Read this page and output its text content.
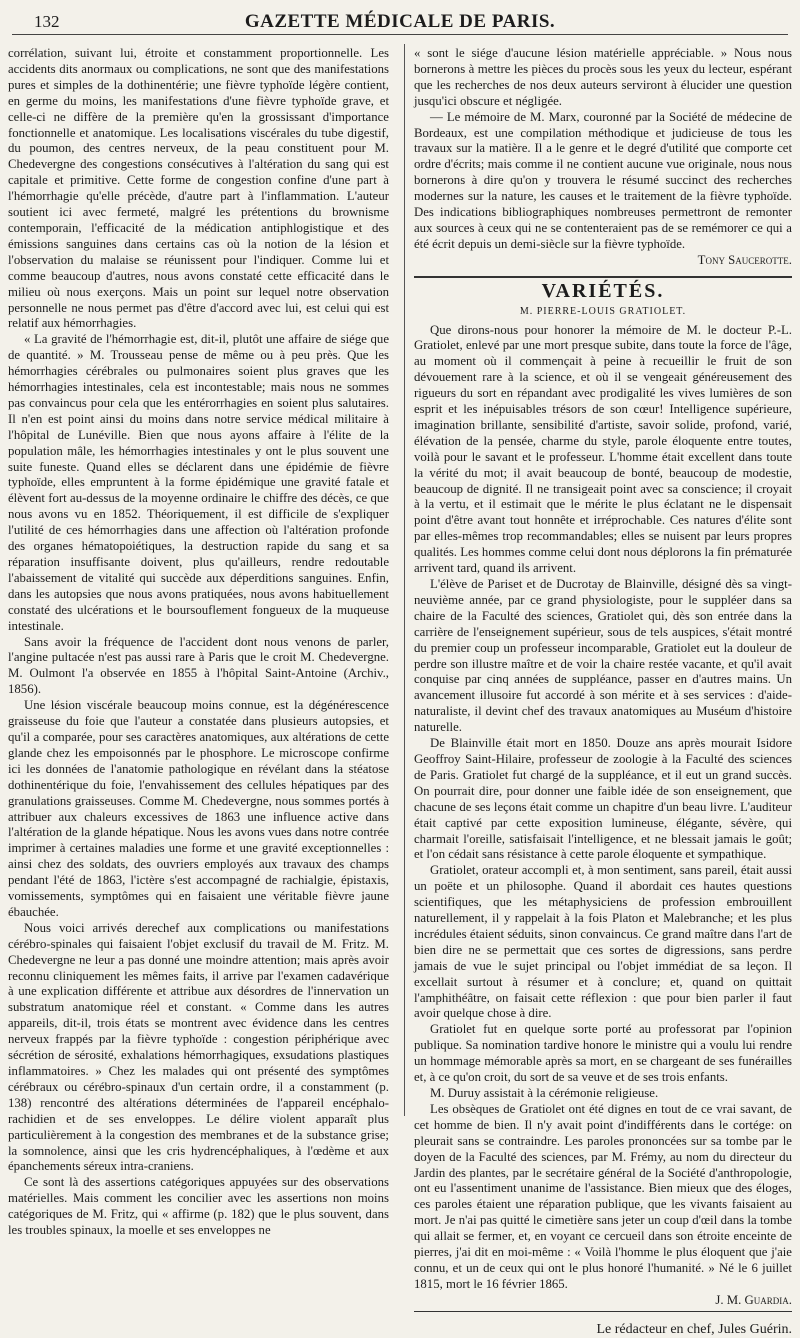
132	GAZETTE MÉDICALE DE PARIS.

corrélation, suivant lui, étroite et constamment proportionnelle. Les accidents dits anormaux ou complications, ne sont que des manifestations pures et simples de la dothinentérie; une fièvre typhoïde légère contient, en germe du moins, les manifestations d'une fièvre typhoïde grave, et celle-ci ne diffère de la première qu'en la grossissant d'importance fonctionnelle et anatomique. Les localisations viscérales du tube digestif, du poumon, des centres nerveux, de la peau constituent pour M. Chedevergne des congestions consécutives à l'altération du sang qui est capitale et primitive. Cette forme de congestion confine d'une part à l'hémorrhagie qu'elle précède, d'autre part à l'inflammation. L'auteur soutient ici avec fermeté, malgré les prétentions du brownisme contemporain, l'efficacité de la médication antiphlogistique et des émissions sanguines dans certains cas où la notion de la lésion et l'observation du malaise se réunissent pour l'indiquer. Comme lui et comme beaucoup d'autres, nous avons constaté cette efficacité dans le milieu où nous exerçons. Mais un point sur lequel notre observation personnelle ne nous permet pas d'être d'accord avec lui, est celui qui est relatif aux hémorrhagies.

« La gravité de l'hémorrhagie est, dit-il, plutôt une affaire de siége que de quantité. » M. Trousseau pense de même ou à peu près. Que les hémorrhagies cérébrales ou pulmonaires soient plus graves que les hémorrhagies intestinales, cela est incontestable; mais nous ne sommes pas convaincus pour cela que les entérorrhagies en soient plus salutaires. Il n'en est point ainsi du moins dans notre service médical militaire à l'hôpital de Lunéville. Bien que nous ayons affaire à l'élite de la population mâle, les hémorrhagies intestinales y ont le plus souvent une suite funeste. Quand elles se déclarent dans une épidémie de fièvre typhoïde, elles empruntent à la forme épidémique une gravité fatale et élèvent fort au-dessus de la moyenne ordinaire le chiffre des décès, ce que nous avons vu en 1852. Théoriquement, il est difficile de s'expliquer l'utilité de ces hémorrhagies dans une affection où l'altération profonde des organes hématopoiétiques, la destruction rapide du sang et sa réparation insuffisante doivent, plus qu'ailleurs, rendre redoutable l'abaissement de vitalité qui succède aux déperditions sanguines. Enfin, dans les autopsies que nous avons pratiquées, nous avons habituellement constaté des ulcérations et le boursouflement fongueux de la muqueuse intestinale.

Sans avoir la fréquence de l'accident dont nous venons de parler, l'angine pultacée n'est pas aussi rare à Paris que le croit M. Chedevergne. M. Oulmont l'a observée en 1855 à l'hôpital Saint-Antoine (Archiv., 1856).

Une lésion viscérale beaucoup moins connue, est la dégénérescence graisseuse du foie que l'auteur a constatée dans plusieurs autopsies, et qu'il a comparée, pour ses caractères anatomiques, aux altérations de cette glande chez les empoisonnés par le phosphore. Le microscope confirme ici les données de l'anatomie pathologique en révélant dans la stéatose dothinentérique du foie, l'envahissement des cellules hépatiques par des granulations graisseuses. Comme M. Chedevergne, nous sommes portés à attribuer aux chaleurs excessives de 1863 une influence active dans l'altération de la glande hépatique. Nous les avons vues dans notre contrée imprimer à certaines maladies une forme et une gravité exceptionnelles : ainsi chez des soldats, des ouvriers employés aux travaux des champs pendant l'été de 1863, l'ictère s'est accompagné de rachialgie, épistaxis, vomissements, symptômes qui en faisaient une véritable fièvre jaune ébauchée.

Nous voici arrivés derechef aux complications ou manifestations cérébro-spinales qui faisaient l'objet exclusif du travail de M. Fritz. M. Chedevergne ne leur a pas donné une moindre attention; mais après avoir reconnu cliniquement les mêmes faits, il arrive par l'examen cadavérique à une explication différente et attribue aux désordres de l'innervation un substratum anatomique réel et constant. « Comme dans les autres appareils, dit-il, trois états se montrent avec évidence dans les centres nerveux frappés par la fièvre typhoïde : congestion périphérique avec sécrétion de sérosité, exhalations hémorrhagiques, exsudations plastiques inflammatoires. » Chez les malades qui ont présenté des symptômes cérébraux ou cérébro-spinaux d'un certain ordre, il a constamment (p. 138) rencontré des altérations déterminées de l'appareil encéphalo-rachidien et de ses enveloppes. Le délire violent apparaît plus particulièrement à la congestion des membranes et de la substance grise; la somnolence, ainsi que les cris hydrencéphaliques, à l'œdème et aux épanchements séreux intra-craniens.

Ce sont là des assertions catégoriques appuyées sur des observations matérielles. Mais comment les concilier avec les assertions non moins catégoriques de M. Fritz, qui « affirme (p. 182) que le plus souvent, dans les troubles spinaux, la moelle et ses enveloppes ne

« sont le siége d'aucune lésion matérielle appréciable. » Nous nous bornerons à mettre les pièces du procès sous les yeux du lecteur, espérant que les recherches de nos deux auteurs serviront à élucider une question jusqu'ici obscure et négligée.

— Le mémoire de M. Marx, couronné par la Société de médecine de Bordeaux, est une compilation méthodique et judicieuse de tous les travaux sur la matière. Il a le genre et le degré d'utilité que comporte cet ordre d'écrits; mais comme il ne contient aucune vue originale, nous nous bornerons à dire qu'on y trouvera le résumé succinct des recherches modernes sur la nature, les causes et le traitement de la fièvre typhoïde. Des indications bibliographiques nombreuses permettront de remonter aux sources à ceux qui ne se contenteraient pas de se remémorer ce qui a été écrit depuis un demi-siècle sur la fièvre typhoïde.

Tony Saucerotte.
VARIÉTÉS.
M. PIERRE-LOUIS GRATIOLET.

Que dirons-nous pour honorer la mémoire de M. le docteur P.-L. Gratiolet, enlevé par une mort presque subite, dans toute la force de l'âge, au moment où il commençait à peine à recueillir le fruit de son dévouement rare à la science, et où il se vengeait généreusement des rigueurs du sort en répandant avec prodigalité les vives lumières de son esprit et les inépuisables trésors de son cœur! Intelligence supérieure, imagination brillante, sensibilité d'artiste, savoir solide, profond, varié, élévation de la pensée, charme du style, parole éloquente entre toutes, voilà pour le savant et le professeur. L'homme était excellent dans toute la vérité du mot; il avait beaucoup de bonté, beaucoup de modestie, beaucoup de dignité. Il ne transigeait point avec sa conscience; il croyait à la vertu, et il estimait que le mérite le plus éclatant ne le dispensait point d'être avant tout honnête et irréprochable. Ces natures d'élite sont par elles-mêmes trop recommandables; elles se nuisent par leurs propres qualités. Les hommes comme celui dont nous déplorons la fin prématurée arrivent tard, quand ils arrivent.

L'élève de Pariset et de Ducrotay de Blainville, désigné dès sa vingt-neuvième année, par ce grand physiologiste, pour le suppléer dans sa chaire de la Faculté des sciences, Gratiolet qui, dès son entrée dans la carrière de l'enseignement supérieur, sous de tels auspices, s'était montré du premier coup un professeur incomparable, Gratiolet eut la douleur de perdre son illustre maître et de voir la chaire restée vacante, et qu'il avait conquise par cinq années de suppléance, passer en d'autres mains. Un avancement illusoire fut accordé à son mérite et à ses services : d'aide-naturaliste, il devint chef des travaux anatomiques au Muséum d'histoire naturelle.

De Blainville était mort en 1850. Douze ans après mourait Isidore Geoffroy Saint-Hilaire, professeur de zoologie à la Faculté des sciences de Paris. Gratiolet fut chargé de la suppléance, et il eut un grand succès. On pourrait dire, pour donner une faible idée de son enseignement, que chacune de ses leçons était comme un chapitre d'un beau livre. L'auditeur était captivé par cette exposition lumineuse, élégante, sévère, qui charmait l'oreille, satisfaisait l'intelligence, et ne blessait jamais le goût; et l'on cédait sans résistance à cette parole éloquente et sympathique.

Gratiolet, orateur accompli et, à mon sentiment, sans pareil, était aussi un poëte et un philosophe. Quand il abordait ces hautes questions scientifiques, que les métaphysiciens de profession embrouillent naturellement, il y rappelait à la fois Platon et Malebranche; et les plus incrédules étaient séduits, sinon convaincus. Ce grand maître dans l'art de bien dire ne se permettait que ces sortes de digressions, sans perdre jamais de vue le sujet principal ou l'objet immédiat de sa leçon. Il excellait surtout à résumer et à conclure; et, quand on quittait l'amphithéâtre, on faisait cette réflexion : que pour bien parler il faut avoir quelque chose à dire.

Gratiolet fut en quelque sorte porté au professorat par l'opinion publique. Sa nomination tardive honore le ministre qui a voulu lui rendre un hommage mémorable après sa mort, en se chargeant de ses funérailles et, à ce qu'on croit, du sort de sa veuve et de ses trois enfants.

M. Duruy assistait à la cérémonie religieuse.

Les obsèques de Gratiolet ont été dignes en tout de ce vrai savant, de cet homme de bien. Il n'y avait point d'indifférents dans le cortége: on pleurait sans se contraindre. Les paroles prononcées sur sa tombe par le doyen de la Faculté des sciences, par M. Frémy, au nom du directeur du Jardin des plantes, par le secrétaire général de la Société d'anthropologie, ont eu l'assentiment unanime de l'assistance. Bien mieux que des éloges, ces paroles étaient une réparation publique, que les vivants faisaient au mort. Je n'ai pas quitté le cimetière sans jeter un coup d'œil dans la tombe qui allait se fermer, et, en voyant ce cercueil dans son étroite enceinte de pierres, j'ai dit en moi-même : « Voilà l'homme le plus éloquent que j'aie connu, et un de ceux qui ont le plus honoré l'humanité. » Né le 6 juillet 1815, mort le 16 février 1865.

J. M. Guardia.
Le rédacteur en chef, Jules Guérin.
